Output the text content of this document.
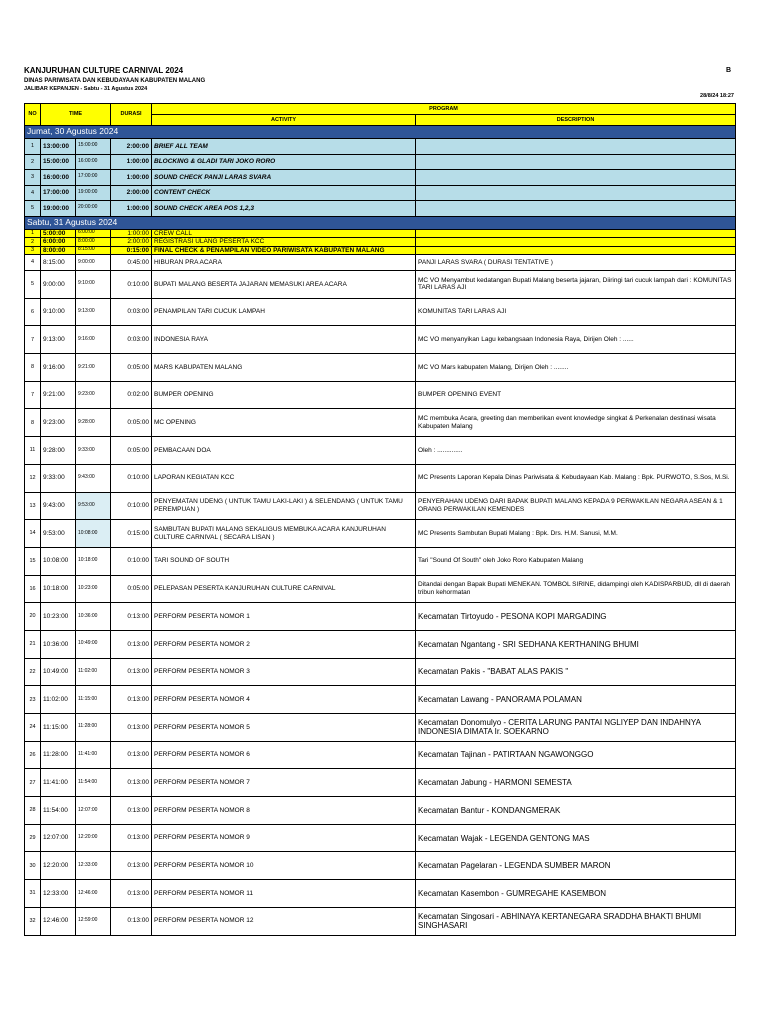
KANJURUHAN CULTURE CARNIVAL 2024
DINAS PARIWISATA DAN KEBUDAYAAN KABUPATEN MALANG
JALIBAR KEPANJEN - Sabtu - 31 Agustus 2024
B
28/8/24 18:27
NO	TIME		DURASI	PROGRAM	
				ACTIVITY	DESCRIPTION
Jumat, 30 Agustus 2024					
1	13:00:00	15:00:00	2:00:00	BRIEF ALL TEAM	
2	15:00:00	16:00:00	1:00:00	BLOCKING & GLADI TARI JOKO RORO	
3	16:00:00	17:00:00	1:00:00	SOUND CHECK PANJI LARAS SVARA	
4	17:00:00	19:00:00	2:00:00	CONTENT CHECK	
5	19:00:00	20:00:00	1:00:00	SOUND CHECK AREA POS 1,2,3	
Sabtu, 31 Agustus 2024					
1	5:00:00	6:00:00	1:00:00	CREW CALL	
2	6:00:00	8:00:00	2:00:00	REGISTRASI ULANG PESERTA KCC	
3	8:00:00	8:15:00	0:15:00	FINAL CHECK & PENAMPILAN VIDEO PARIWISATA KABUPATEN MALANG	
4	8:15:00	9:00:00	0:45:00	HIBURAN PRA ACARA	PANJI LARAS SVARA ( DURASI TENTATIVE )
5	9:00:00	9:10:00	0:10:00	BUPATI MALANG BESERTA JAJARAN MEMASUKI AREA ACARA	MC VO Menyambut kedatangan Bupati Malang beserta jajaran, Diiringi tari cucuk lampah dari : KOMUNITAS TARI LARAS AJI
6	9:10:00	9:13:00	0:03:00	PENAMPILAN TARI CUCUK LAMPAH	KOMUNITAS TARI LARAS AJI
7	9:13:00	9:16:00	0:03:00	INDONESIA RAYA	MC VO menyanyikan Lagu kebangsaan Indonesia Raya, Dirijen Oleh : ......
8	9:16:00	9:21:00	0:05:00	MARS KABUPATEN MALANG	MC VO Mars kabupaten Malang, Dirijen Oleh : ........
7	9:21:00	9:23:00	0:02:00	BUMPER OPENING	BUMPER OPENING EVENT
8	9:23:00	9:28:00	0:05:00	MC OPENING	MC membuka Acara, greeting dan memberikan event knowledge singkat & Perkenalan destinasi wisata Kabupaten Malang
11	9:28:00	9:33:00	0:05:00	PEMBACAAN DOA	Oleh : ..............
12	9:33:00	9:43:00	0:10:00	LAPORAN KEGIATAN KCC	MC Presents Laporan Kepala Dinas Pariwisata & Kebudayaan Kab. Malang : Bpk. PURWOTO, S.Sos, M.Si.
13	9:43:00	9:53:00	0:10:00	PENYEMATAN UDENG ( UNTUK TAMU LAKI-LAKI ) & SELENDANG ( UNTUK TAMU PEREMPUAN )	PENYERAHAN UDENG DARI BAPAK BUPATI MALANG KEPADA 9 PERWAKILAN NEGARA ASEAN & 1 ORANG PERWAKILAN KEMENDES
14	9:53:00	10:08:00	0:15:00	SAMBUTAN BUPATI MALANG SEKALIGUS MEMBUKA ACARA KANJURUHAN CULTURE CARNIVAL ( SECARA LISAN )	MC Presents Sambutan Bupati Malang : Bpk. Drs. H.M. Sanusi, M.M.
15	10:08:00	10:18:00	0:10:00	TARI SOUND OF SOUTH	Tari "Sound Of South" oleh Joko Roro Kabupaten Malang
16	10:18:00	10:23:00	0:05:00	PELEPASAN PESERTA KANJURUHAN CULTURE CARNIVAL	Ditandai dengan Bapak Bupati MENEKAN. TOMBOL SIRINE, didampingi oleh KADISPARBUD, dll di daerah tribun kehormatan
20	10:23:00	10:36:00	0:13:00	PERFORM PESERTA NOMOR 1	Kecamatan Tirtoyudo - PESONA KOPI MARGADING
21	10:36:00	10:49:00	0:13:00	PERFORM PESERTA NOMOR 2	Kecamatan Ngantang - SRI SEDHANA KERTHANING BHUMI
22	10:49:00	11:02:00	0:13:00	PERFORM PESERTA NOMOR 3	Kecamatan Pakis - "BABAT ALAS PAKIS "
23	11:02:00	11:15:00	0:13:00	PERFORM PESERTA NOMOR 4	Kecamatan Lawang - PANORAMA POLAMAN
24	11:15:00	11:28:00	0:13:00	PERFORM PESERTA NOMOR 5	Kecamatan Donomulyo - CERITA LARUNG PANTAI NGLIYEP DAN INDAHNYA INDONESIA DIMATA Ir. SOEKARNO
26	11:28:00	11:41:00	0:13:00	PERFORM PESERTA NOMOR 6	Kecamatan Tajinan - PATIRTAAN NGAWONGGO
27	11:41:00	11:54:00	0:13:00	PERFORM PESERTA NOMOR 7	Kecamatan Jabung - HARMONI SEMESTA
28	11:54:00	12:07:00	0:13:00	PERFORM PESERTA NOMOR 8	Kecamatan Bantur - KONDANGMERAK
29	12:07:00	12:20:00	0:13:00	PERFORM PESERTA NOMOR 9	Kecamatan Wajak - LEGENDA GENTONG MAS
30	12:20:00	12:33:00	0:13:00	PERFORM PESERTA NOMOR 10	Kecamatan Pagelaran - LEGENDA SUMBER MARON
31	12:33:00	12:46:00	0:13:00	PERFORM PESERTA NOMOR 11	Kecamatan Kasembon - GUMREGAHE KASEMBON
32	12:46:00	12:59:00	0:13:00	PERFORM PESERTA NOMOR 12	Kecamatan Singosari - ABHINAYA KERTANEGARA SRADDHA BHAKTI BHUMI SINGHASARI
